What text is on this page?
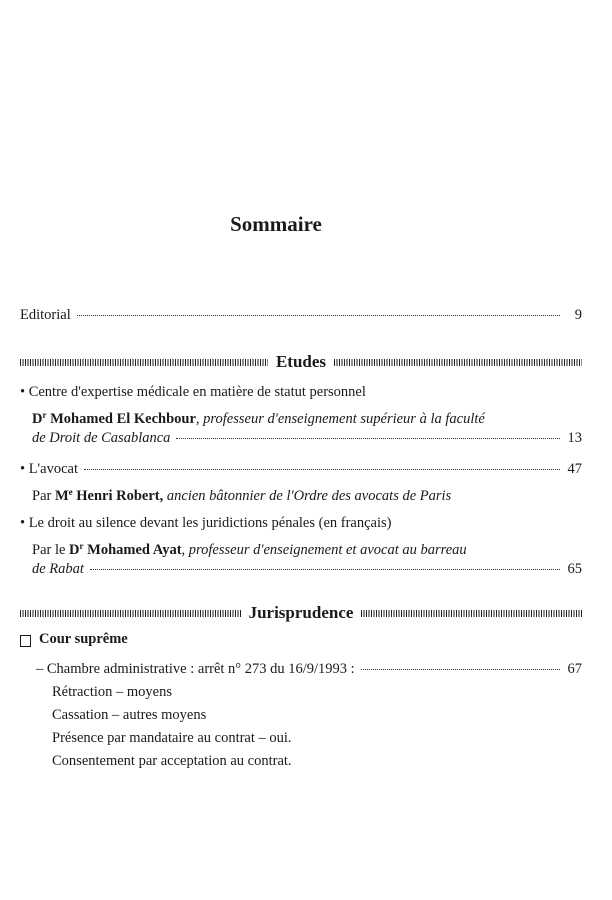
Sommaire
Editorial	9
Etudes
• Centre d'expertise médicale en matière de statut personnel
$D^r$ Mohamed El Kechbour, professeur d'enseignement supérieur à la faculté
de Droit de Casablanca	13
• L'avocat	47
Par Me Henri Robert, ancien bâtonnier de l'Ordre des avocats de Paris
• Le droit au silence devant les juridictions pénales (en français)
Par le $D^r$ Mohamed Ayat, professeur d'enseignement et avocat au barreau
de Rabat	65
Jurisprudence
Cour suprême
– Chambre administrative : arrêt n° 273 du 16/9/1993 :	67
Rétraction – moyens
Cassation – autres moyens
Présence par mandataire au contrat – oui.
Consentement par acceptation au contrat.
